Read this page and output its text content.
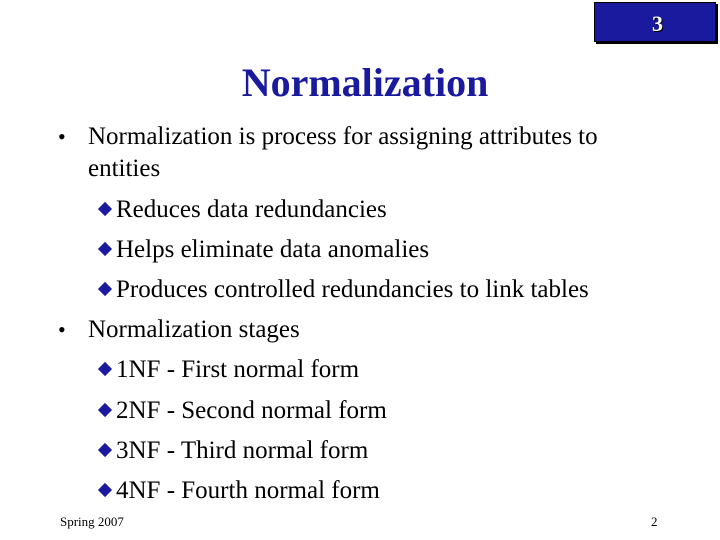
3
Normalization
• Normalization is process for assigning attributes to
entities
Reduces data redundancies
Helps eliminate data anomalies
Produces controlled redundancies to link tables
• Normalization stages
1NF - First normal form
2NF - Second normal form
3NF - Third normal form
4NF - Fourth normal form
Spring 2007	2
